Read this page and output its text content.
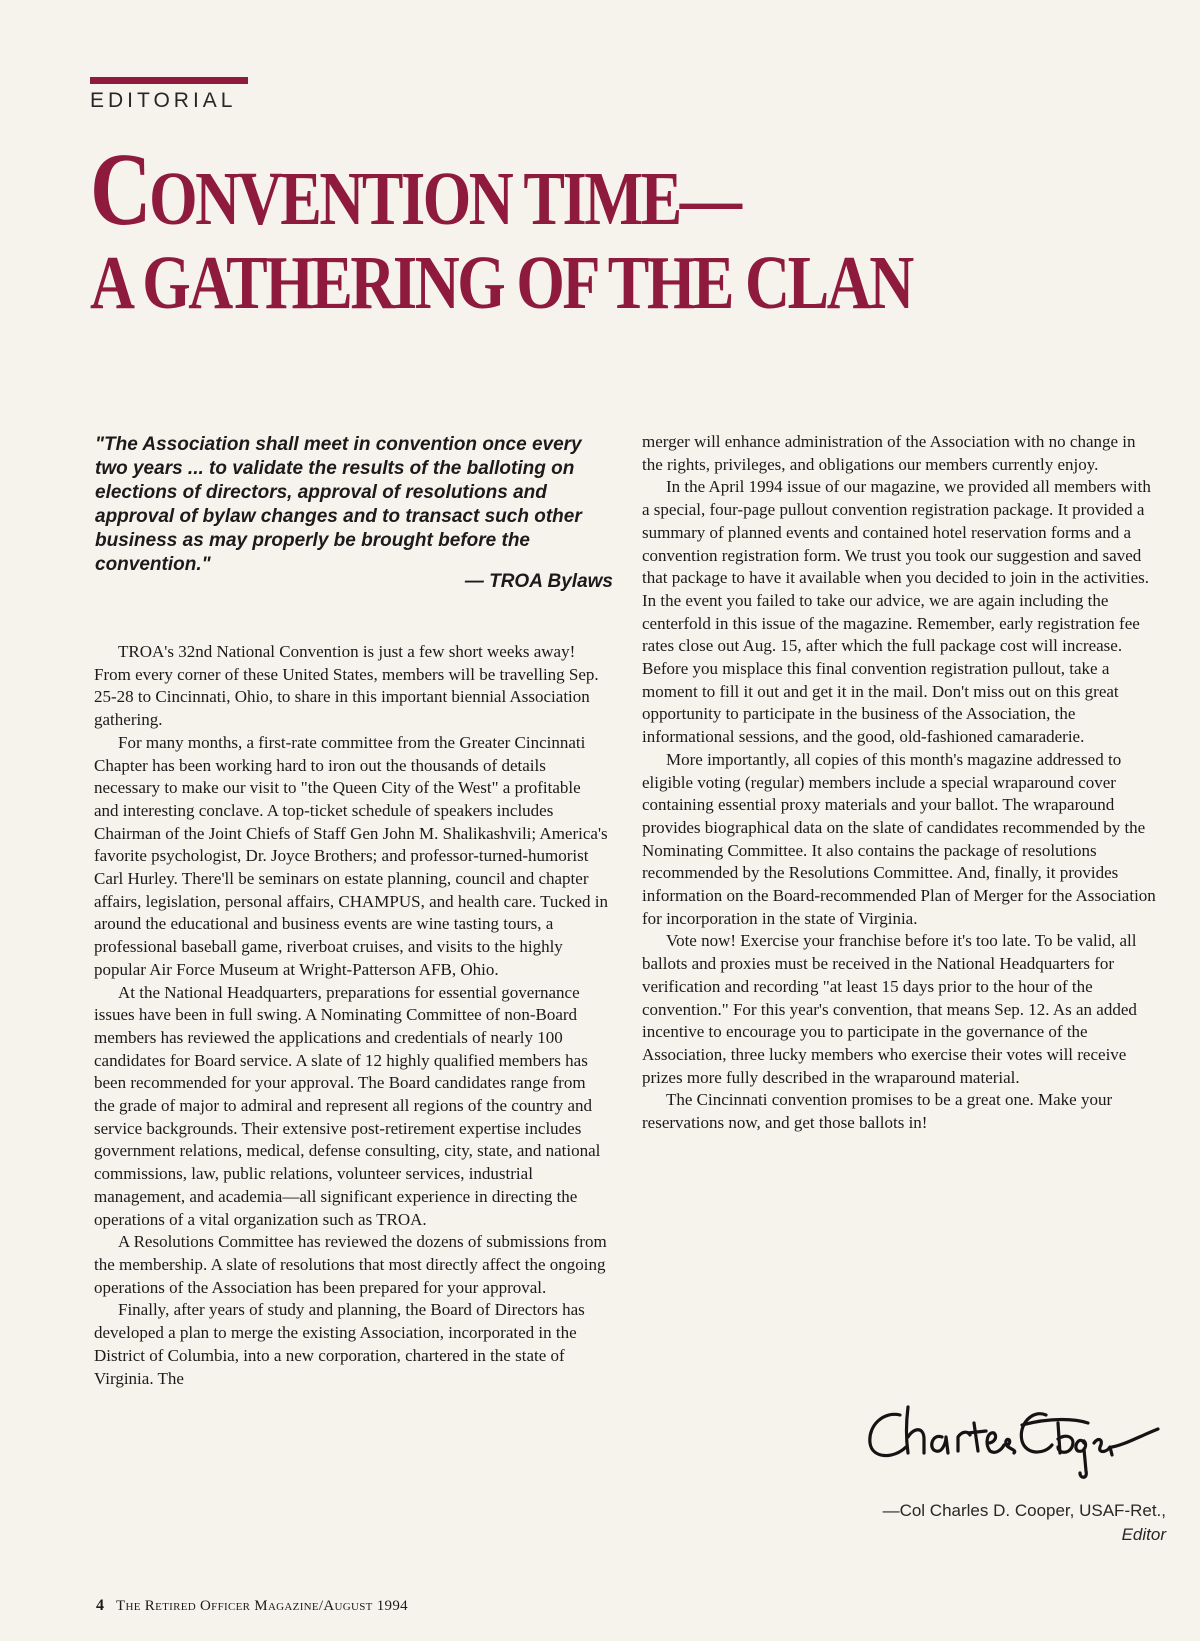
EDITORIAL
CONVENTION TIME—
A GATHERING OF THE CLAN

"The Association shall meet in convention once every two years ... to validate the results of the balloting on elections of directors, approval of resolutions and approval of bylaw changes and to transact such other business as may properly be brought before the convention."

— TROA Bylaws

TROA's 32nd National Convention is just a few short weeks away! From every corner of these United States, members will be travelling Sep. 25-28 to Cincinnati, Ohio, to share in this important biennial Association gathering.

For many months, a first-rate committee from the Greater Cincinnati Chapter has been working hard to iron out the thousands of details necessary to make our visit to "the Queen City of the West" a profitable and interesting conclave. A top-ticket schedule of speakers includes Chairman of the Joint Chiefs of Staff Gen John M. Shalikashvili; America's favorite psychologist, Dr. Joyce Brothers; and professor-turned-humorist Carl Hurley. There'll be seminars on estate planning, council and chapter affairs, legislation, personal affairs, CHAMPUS, and health care. Tucked in around the educational and business events are wine tasting tours, a professional baseball game, riverboat cruises, and visits to the highly popular Air Force Museum at Wright-Patterson AFB, Ohio.

At the National Headquarters, preparations for essential governance issues have been in full swing. A Nominating Committee of non-Board members has reviewed the applications and credentials of nearly 100 candidates for Board service. A slate of 12 highly qualified members has been recommended for your approval. The Board candidates range from the grade of major to admiral and represent all regions of the country and service backgrounds. Their extensive post-retirement expertise includes government relations, medical, defense consulting, city, state, and national commissions, law, public relations, volunteer services, industrial management, and academia—all significant experience in directing the operations of a vital organization such as TROA.

A Resolutions Committee has reviewed the dozens of submissions from the membership. A slate of resolutions that most directly affect the ongoing operations of the Association has been prepared for your approval.

Finally, after years of study and planning, the Board of Directors has developed a plan to merge the existing Association, incorporated in the District of Columbia, into a new corporation, chartered in the state of Virginia. The

merger will enhance administration of the Association with no change in the rights, privileges, and obligations our members currently enjoy.

In the April 1994 issue of our magazine, we provided all members with a special, four-page pullout convention registration package. It provided a summary of planned events and contained hotel reservation forms and a convention registration form. We trust you took our suggestion and saved that package to have it available when you decided to join in the activities. In the event you failed to take our advice, we are again including the centerfold in this issue of the magazine. Remember, early registration fee rates close out Aug. 15, after which the full package cost will increase. Before you misplace this final convention registration pullout, take a moment to fill it out and get it in the mail. Don't miss out on this great opportunity to participate in the business of the Association, the informational sessions, and the good, old-fashioned camaraderie.

More importantly, all copies of this month's magazine addressed to eligible voting (regular) members include a special wraparound cover containing essential proxy materials and your ballot. The wraparound provides biographical data on the slate of candidates recommended by the Nominating Committee. It also contains the package of resolutions recommended by the Resolutions Committee. And, finally, it provides information on the Board-recommended Plan of Merger for the Association for incorporation in the state of Virginia.

Vote now! Exercise your franchise before it's too late. To be valid, all ballots and proxies must be received in the National Headquarters for verification and recording "at least 15 days prior to the hour of the convention." For this year's convention, that means Sep. 12. As an added incentive to encourage you to participate in the governance of the Association, three lucky members who exercise their votes will receive prizes more fully described in the wraparound material.

The Cincinnati convention promises to be a great one. Make your reservations now, and get those ballots in!

—Col Charles D. Cooper, USAF-Ret.,
Editor
4 The Retired Officer Magazine/August 1994
